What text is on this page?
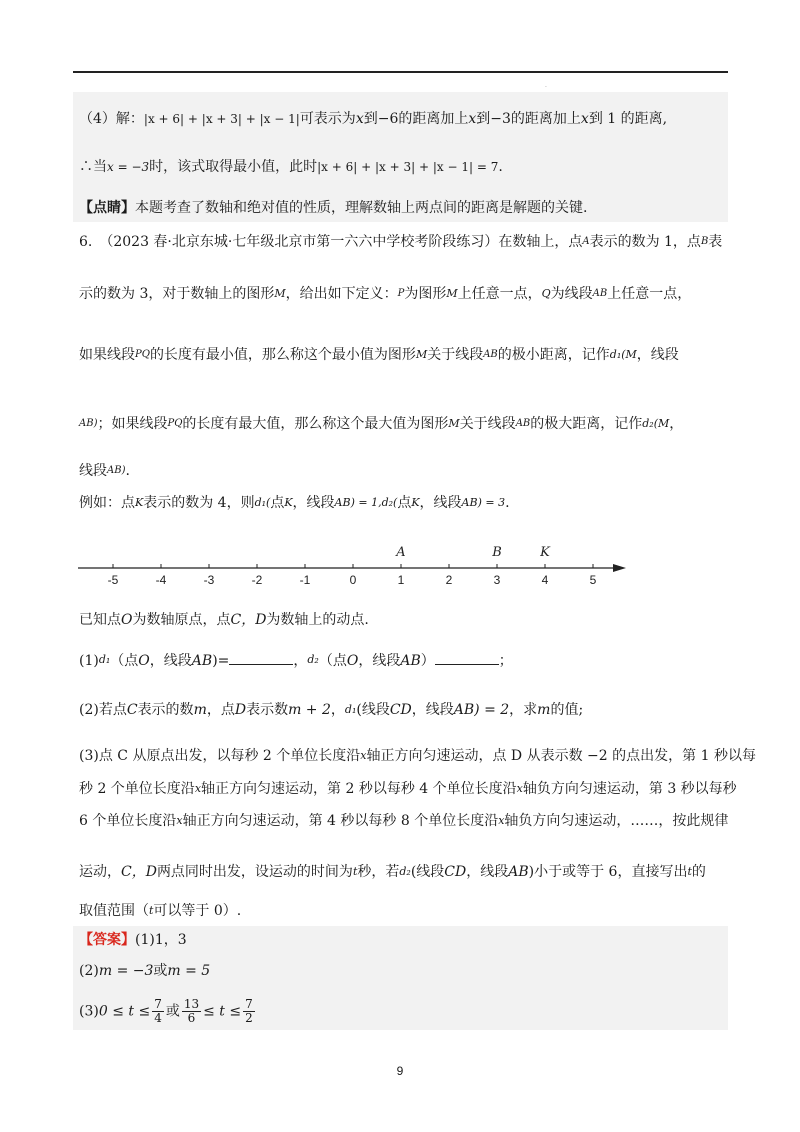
.
（4）解：|x + 6| + |x + 3| + |x − 1|可表示为x到−6的距离加上x到−3的距离加上x到 1 的距离,
∴当x = −3时，该式取得最小值，此时|x + 6| + |x + 3| + |x − 1| = 7.
【点睛】本题考查了数轴和绝对值的性质，理解数轴上两点间的距离是解题的关键.
6.　（2023 春·北京东城·七年级北京市第一六六中学校考阶段练习）在数轴上，点$^A$表示的数为 1，点$^B$表
示的数为 3，对于数轴上的图形$^M$，给出如下定义：$^P$为图形$^M$上任意一点，$^Q$为线段$^{AB}$上任意一点，
如果线段$^{PQ}$的长度有最小值，那么称这个最小值为图形$^M$关于线段$^{AB}$的极小距离，记作$^{d_1(M}$，线段
$^{AB)}$；如果线段$^{PQ}$的长度有最大值，那么称这个最大值为图形$^M$关于线段$^{AB}$的极大距离，记作$^{d_2(M}$，
线段$^{AB)}$.
例如：点$^K$表示的数为 4，则$^{d_1(}$点$^K$，线段$^{AB) = 1,d_2(}$点$^K$，线段$^{AB) = 3}$.
-5	-4	-3	-2	-1	0	1	2	3	4	5
A	B	K
已知点O为数轴原点，点C，D为数轴上的动点.
$(1)^{d_1}$（点O，线段AB)=	，$^{d_2}$（点O，线段AB）	；
(2)若点C表示的数m，点D表示数m + 2，$^{d_1}$(线段CD，线段AB) = 2，求m的值;
(3)点 C 从原点出发，以每秒 2 个单位长度沿$^x$轴正方向匀速运动，点 D 从表示数 −2 的点出发，第 1 秒以每
秒 2 个单位长度沿$^x$轴正方向匀速运动，第 2 秒以每秒 4 个单位长度沿$^x$轴负方向匀速运动，第 3 秒以每秒
6 个单位长度沿$^x$轴正方向匀速运动，第 4 秒以每秒 8 个单位长度沿$^x$轴负方向匀速运动，……，按此规律
运动，C，D两点同时出发，设运动的时间为$^t$秒，若$^{d_2}$(线段CD，线段AB)小于或等于 6，直接写出$^t$的
取值范围（$^t$可以等于 0）.
【答案】(1)1，3
(2)m = −3或m = 5
$(3)0 \le t \le \frac{7}{4}$ 或 $\frac{13}{6} \le t \le \frac{7}{2}$
9
